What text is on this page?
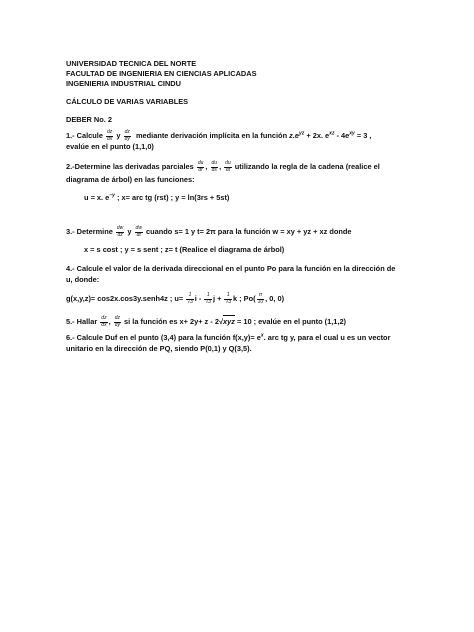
UNIVERSIDAD TECNICA DEL NORTE
FACULTAD DE INGENIERIA EN CIENCIAS APLICADAS
INGENIERIA INDUSTRIAL CINDU
CÁLCULO DE VARIAS VARIABLES
DEBER No. 2
1.- Calcule $\frac{dz}{dx}$ y $\frac{dz}{dy}$ mediante derivación implícita en la función $z.e^{yz} + 2x$. $e^{xz} - 4e^{xy} = 3$ ,
evalúe en el punto (1,1,0)
2.-Determine las derivadas parciales $\frac{du}{dr}$ , $\frac{du}{ds}$ , $\frac{du}{dt}$ utilizando la regla de la cadena (realice el
diagrama de árbol) en las funciones:
u = x. $e^{-y}$ ; x= arc tg (rst) ; y = ln(3rs + 5st)
3.- Determine $\frac{dw}{dz}$ y $\frac{dw}{dt}$ cuando s= 1 y t= 2π para la función w = xy + yz + xz donde
x = s cost ; y = s sent ; z= t (Realice el diagrama de árbol)
4.- Calcule el valor de la derivada direccional en el punto Po para la función en la dirección de
u, donde:
g(x,y,z)= cos2x.cos3y.senh4z ; $u= \frac{1}{√3}$ i - $\frac{1}{√3}$ $j + \frac{1}{√3}$ k ; $Po( \frac{\pi}{10}$ , 0, 0)
5.- Hallar $\frac{dz}{dx}$ , $\frac{dz}{dy}$ si la función es x+ 2y+ z - 2√xyz = 10 ; evalúe en el punto (1,1,2)
6.- Calcule Duf en el punto (3,4) para la función $f(x,y)= e^x$. arc tg y, para el cual u es un vector
unitario en la dirección de PQ, siendo P(0,1) y Q(3,5).
